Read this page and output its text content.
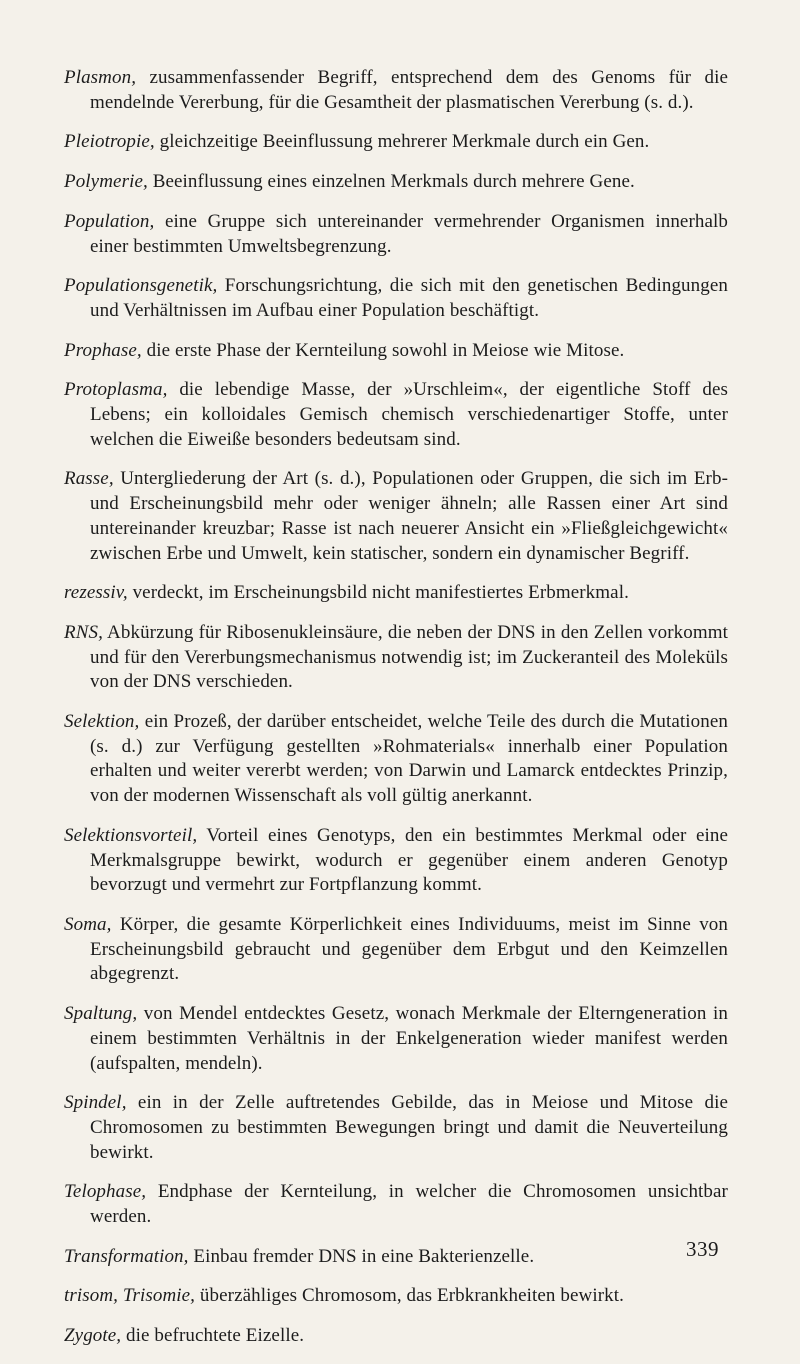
Plasmon, zusammenfassender Begriff, entsprechend dem des Genoms für die mendelnde Vererbung, für die Gesamtheit der plasmatischen Vererbung (s. d.).

Pleiotropie, gleichzeitige Beeinflussung mehrerer Merkmale durch ein Gen.

Polymerie, Beeinflussung eines einzelnen Merkmals durch mehrere Gene.

Population, eine Gruppe sich untereinander vermehrender Organismen innerhalb einer bestimmten Umweltsbegrenzung.

Populationsgenetik, Forschungsrichtung, die sich mit den genetischen Bedingungen und Verhältnissen im Aufbau einer Population beschäftigt.

Prophase, die erste Phase der Kernteilung sowohl in Meiose wie Mitose.

Protoplasma, die lebendige Masse, der »Urschleim«, der eigentliche Stoff des Lebens; ein kolloidales Gemisch chemisch verschiedenartiger Stoffe, unter welchen die Eiweiße besonders bedeutsam sind.

Rasse, Untergliederung der Art (s. d.), Populationen oder Gruppen, die sich im Erb- und Erscheinungsbild mehr oder weniger ähneln; alle Rassen einer Art sind untereinander kreuzbar; Rasse ist nach neuerer Ansicht ein »Fließgleichgewicht« zwischen Erbe und Umwelt, kein statischer, sondern ein dynamischer Begriff.

rezessiv, verdeckt, im Erscheinungsbild nicht manifestiertes Erbmerkmal.

RNS, Abkürzung für Ribosenukleinsäure, die neben der DNS in den Zellen vorkommt und für den Vererbungsmechanismus notwendig ist; im Zuckeranteil des Moleküls von der DNS verschieden.

Selektion, ein Prozeß, der darüber entscheidet, welche Teile des durch die Mutationen (s. d.) zur Verfügung gestellten »Rohmaterials« innerhalb einer Population erhalten und weiter vererbt werden; von Darwin und Lamarck entdecktes Prinzip, von der modernen Wissenschaft als voll gültig anerkannt.

Selektionsvorteil, Vorteil eines Genotyps, den ein bestimmtes Merkmal oder eine Merkmalsgruppe bewirkt, wodurch er gegenüber einem anderen Genotyp bevorzugt und vermehrt zur Fortpflanzung kommt.

Soma, Körper, die gesamte Körperlichkeit eines Individuums, meist im Sinne von Erscheinungsbild gebraucht und gegenüber dem Erbgut und den Keimzellen abgegrenzt.

Spaltung, von Mendel entdecktes Gesetz, wonach Merkmale der Elterngeneration in einem bestimmten Verhältnis in der Enkelgeneration wieder manifest werden (aufspalten, mendeln).

Spindel, ein in der Zelle auftretendes Gebilde, das in Meiose und Mitose die Chromosomen zu bestimmten Bewegungen bringt und damit die Neuverteilung bewirkt.

Telophase, Endphase der Kernteilung, in welcher die Chromosomen unsichtbar werden.

Transformation, Einbau fremder DNS in eine Bakterienzelle.

trisom, Trisomie, überzähliges Chromosom, das Erbkrankheiten bewirkt.

Zygote, die befruchtete Eizelle.

339
